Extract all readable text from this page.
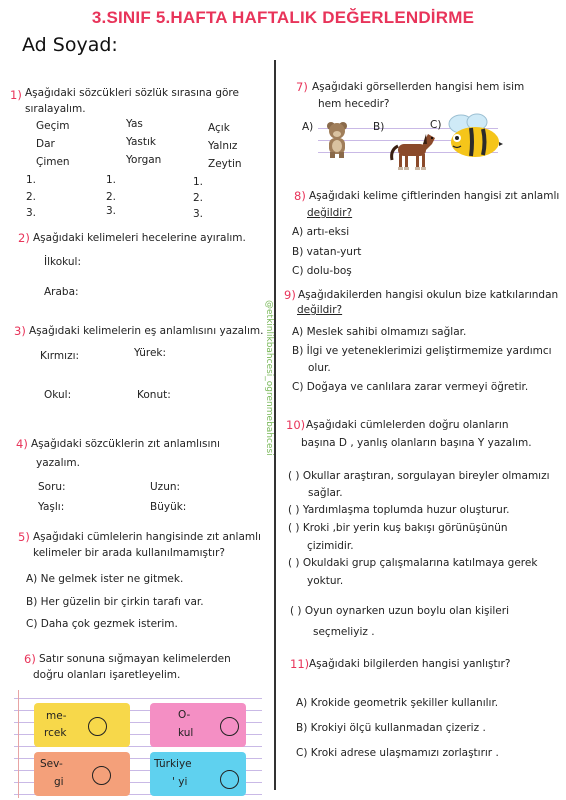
3.SINIF 5.HAFTA HAFTALIK DEĞERLENDİRME
Ad Soyad:
@etkinlikbahcesi_ogrenmebahcesi
1) Aşağıdaki sözcükleri sözlük sırasına göre
sıralayalım.
Geçim
Dar
Çimen
Yas
Yastık
Yorgan
Açık
Yalnız
Zeytin
1.
2.
3.
1.
2.
3.
1.
2.
3.
2) Aşağıdaki kelimeleri hecelerine ayıralım.
İlkokul:
Araba:
3) Aşağıdaki kelimelerin eş anlamlısını yazalım.
Kırmızı:	Yürek:
Okul:	Konut:
4) Aşağıdaki sözcüklerin zıt anlamlısını
yazalım.
Soru:	Uzun:
Yaşlı:	Büyük:
5) Aşağıdaki cümlelerin hangisinde zıt anlamlı
kelimeler bir arada kullanılmamıştır?
A) Ne gelmek ister ne gitmek.
B) Her güzelin bir çirkin tarafı var.
C) Daha çok gezmek isterim.
6) Satır sonuna sığmayan kelimelerden
doğru olanları işaretleyelim.
me-
rcek
O-
kul
Sev-
gi
Türkiye
' yi
7) Aşağıdaki görsellerden hangisi hem isim
hem hecedir?
A)	B)	C)
8) Aşağıdaki kelime çiftlerinden hangisi zıt anlamlı
değildir?
A) artı-eksi
B) vatan-yurt
C) dolu-boş
9) Aşağıdakilerden hangisi okulun bize katkılarından
değildir?
A) Meslek sahibi olmamızı sağlar.
B) İlgi ve yeteneklerimizi geliştirmemize yardımcı
olur.
C) Doğaya ve canlılara zarar vermeyi öğretir.
10) Aşağıdaki cümlelerden doğru olanların
başına D , yanlış olanların başına Y yazalım.
( ) Okullar araştıran, sorgulayan bireyler olmamızı
sağlar.
( ) Yardımlaşma toplumda huzur oluşturur.
( ) Kroki ,bir yerin kuş bakışı görünüşünün
çizimidir.
( ) Okuldaki grup çalışmalarına katılmaya gerek
yoktur.
( ) Oyun oynarken uzun boylu olan kişileri
seçmeliyiz .
11) Aşağıdaki bilgilerden hangisi yanlıştır?
A) Krokide geometrik şekiller kullanılır.
B) Krokiyi ölçü kullanmadan çizeriz .
C) Kroki adrese ulaşmamızı zorlaştırır .
